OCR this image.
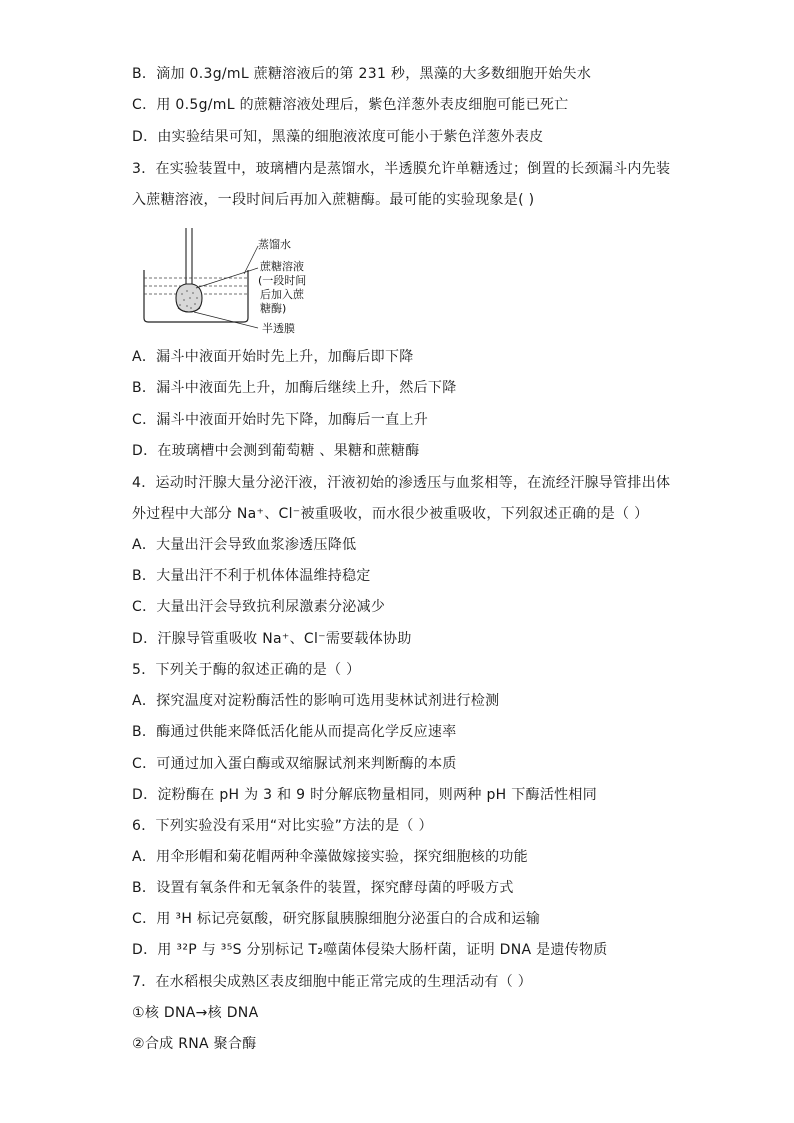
B．滴加 0.3g/mL 蔗糖溶液后的第 231 秒，黑藻的大多数细胞开始失水
C．用 0.5g/mL 的蔗糖溶液处理后，紫色洋葱外表皮细胞可能已死亡
D．由实验结果可知，黑藻的细胞液浓度可能小于紫色洋葱外表皮
3．在实验装置中，玻璃槽内是蒸馏水，半透膜允许单糖透过；倒置的长颈漏斗内先装
入蔗糖溶液，一段时间后再加入蔗糖酶。最可能的实验现象是( )
蒸馏水
蔗糖溶液
(一段时间
后加入蔗
糖酶)
半透膜
A．漏斗中液面开始时先上升，加酶后即下降
B．漏斗中液面先上升，加酶后继续上升，然后下降
C．漏斗中液面开始时先下降，加酶后一直上升
D．在玻璃槽中会测到葡萄糖 、果糖和蔗糖酶
4．运动时汗腺大量分泌汗液，汗液初始的渗透压与血浆相等，在流经汗腺导管排出体
外过程中大部分 Na⁺、Cl⁻被重吸收，而水很少被重吸收，下列叙述正确的是（ ）
A．大量出汗会导致血浆渗透压降低
B．大量出汗不利于机体体温维持稳定
C．大量出汗会导致抗利尿激素分泌减少
D．汗腺导管重吸收 Na⁺、Cl⁻需要载体协助
5．下列关于酶的叙述正确的是（ ）
A．探究温度对淀粉酶活性的影响可选用斐林试剂进行检测
B．酶通过供能来降低活化能从而提高化学反应速率
C．可通过加入蛋白酶或双缩脲试剂来判断酶的本质
D．淀粉酶在 pH 为 3 和 9 时分解底物量相同，则两种 pH 下酶活性相同
6．下列实验没有采用“对比实验”方法的是（ ）
A．用伞形帽和菊花帽两种伞藻做嫁接实验，探究细胞核的功能
B．设置有氧条件和无氧条件的装置，探究酵母菌的呼吸方式
C．用 ³H 标记亮氨酸，研究豚鼠胰腺细胞分泌蛋白的合成和运输
D．用 ³²P 与 ³⁵S 分别标记 T₂噬菌体侵染大肠杆菌，证明 DNA 是遗传物质
7．在水稻根尖成熟区表皮细胞中能正常完成的生理活动有（ ）
①核 DNA→核 DNA
②合成 RNA 聚合酶
